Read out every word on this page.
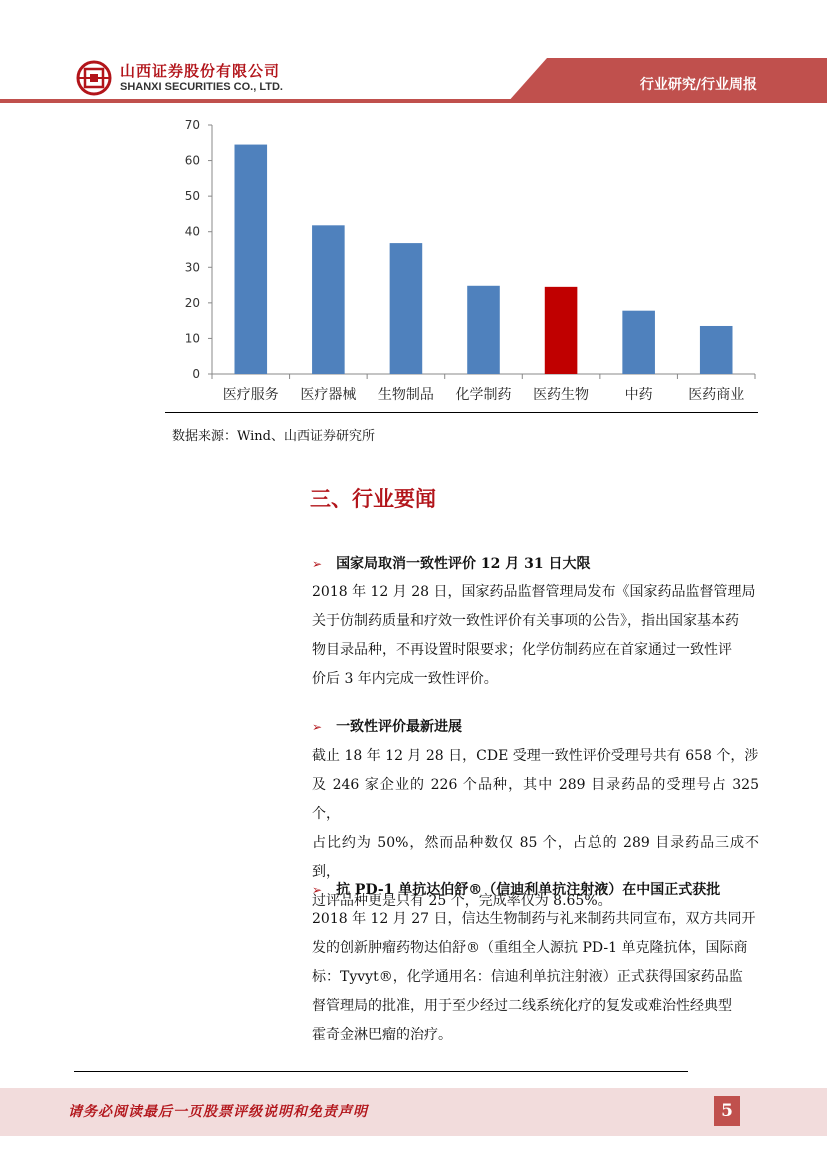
山西证券股份有限公司
SHANXI SECURITIES CO., LTD.	行业研究/行业周报
0
10
20
30
40
50
60
70
医疗服务 医疗器械 生物制品 化学制药 医药生物	中药	医药商业
数据来源：Wind、山西证券研究所
三、行业要闻
➢ 国家局取消一致性评价 12 月 31 日大限
2018 年 12 月 28 日，国家药品监督管理局发布《国家药品监督管理局
关于仿制药质量和疗效一致性评价有关事项的公告》，指出国家基本药
物目录品种，不再设置时限要求；化学仿制药应在首家通过一致性评
价后 3 年内完成一致性评价。
➢ 一致性评价最新进展
截止 18 年 12 月 28 日，CDE 受理一致性评价受理号共有 658 个，涉
及 246 家企业的 226 个品种，其中 289 目录药品的受理号占 325 个，
占比约为 50%，然而品种数仅 85 个，占总的 289 目录药品三成不到，
过评品种更是只有 25 个，完成率仅为 8.65%。
➢ 抗 PD-1 单抗达伯舒®（信迪利单抗注射液）在中国正式获批
2018 年 12 月 27 日，信达生物制药与礼来制药共同宣布，双方共同开
发的创新肿瘤药物达伯舒®（重组全人源抗 PD-1 单克隆抗体，国际商
标：Tyvyt®，化学通用名：信迪利单抗注射液）正式获得国家药品监
督管理局的批准，用于至少经过二线系统化疗的复发或难治性经典型
霍奇金淋巴瘤的治疗。
请务必阅读最后一页股票评级说明和免责声明	5
